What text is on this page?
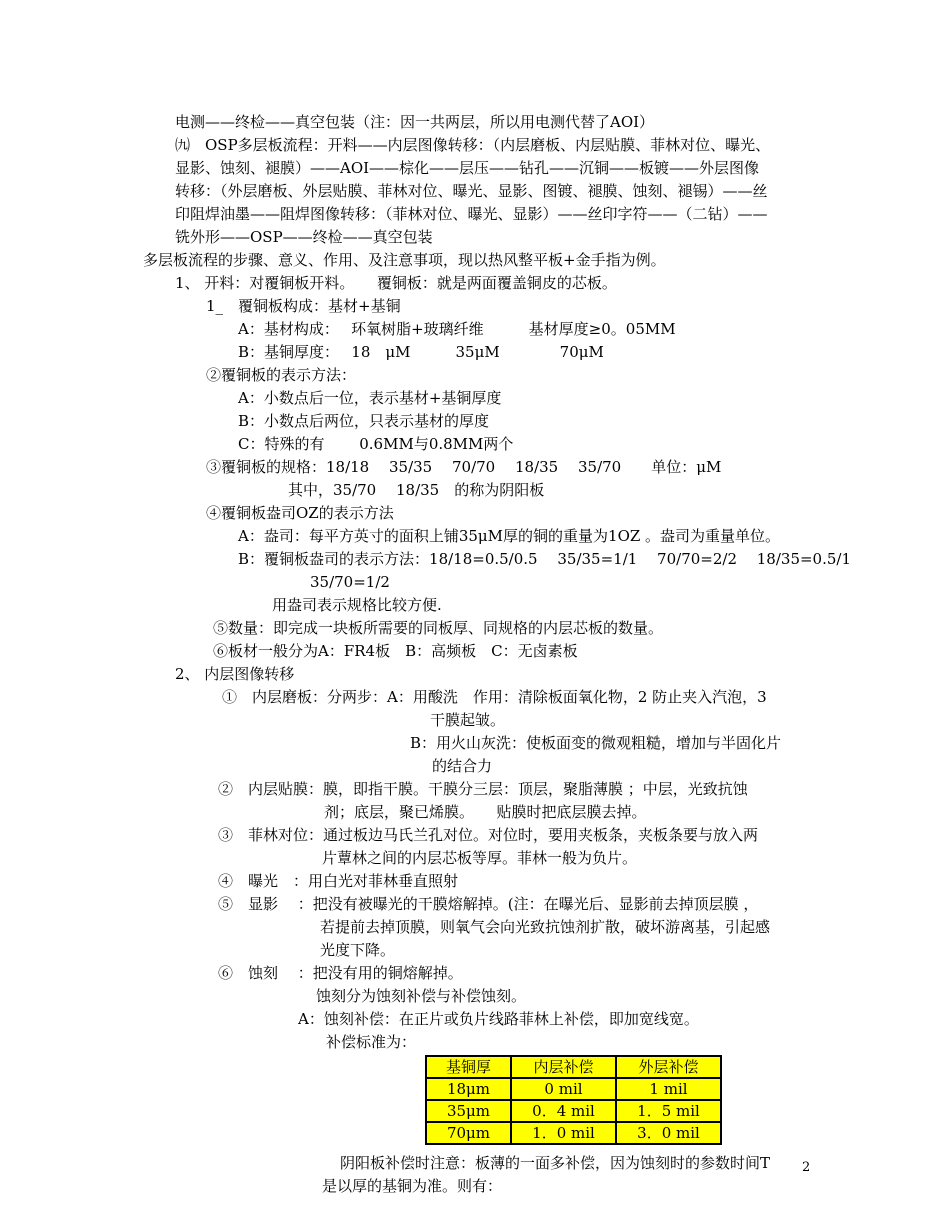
电测——终检——真空包装（注：因一共两层，所以用电测代替了AOI）
㈨　OSP多层板流程：开料——内层图像转移：（内层磨板、内层贴膜、菲林对位、曝光、
显影、蚀刻、褪膜）——AOI——棕化——层压——钻孔——沉铜——板镀——外层图像
转移：（外层磨板、外层贴膜、菲林对位、曝光、显影、图镀、褪膜、蚀刻、褪锡）——丝
印阻焊油墨——阻焊图像转移：（菲林对位、曝光、显影）——丝印字符——（二钻）——
铣外形——OSP——终检——真空包装
多层板流程的步骤、意义、作用、及注意事项，现以热风整平板+金手指为例。
1、 开料：对覆铜板开料。　　覆铜板：就是两面覆盖铜皮的芯板。
1_　覆铜板构成：基材+基铜
A：基材构成：　 环氧树脂+玻璃纤维　　　基材厚度≥0。05MM
B：基铜厚度：　 18　μM　　　35μM　　　　70μM
②覆铜板的表示方法：
A：小数点后一位，表示基材+基铜厚度
B：小数点后两位，只表示基材的厚度
C：特殊的有　　 0.6MM与0.8MM两个
③覆铜板的规格：18/18　 35/35　 70/70　 18/35　 35/70　　单位：μM
其中，35/70　 18/35　的称为阴阳板
④覆铜板盎司OZ的表示方法
A：盎司：每平方英寸的面积上铺35μM厚的铜的重量为1OZ 。盎司为重量单位。
B：覆铜板盎司的表示方法：18/18=0.5/0.5　 35/35=1/1　 70/70=2/2　 18/35=0.5/1
35/70=1/2
用盎司表示规格比较方便.
⑤数量：即完成一块板所需要的同板厚、同规格的内层芯板的数量。
⑥板材一般分为A：FR4板　B：高频板　C：无卤素板
2、 内层图像转移
①　内层磨板：分两步：A：用酸洗　作用：清除板面氧化物，2 防止夹入汽泡，3
干膜起皱。
B：用火山灰洗：使板面变的微观粗糙，增加与半固化片
的结合力
②　内层贴膜：膜，即指干膜。干膜分三层：顶层，聚脂薄膜 ；中层，光致抗蚀
剂；底层，聚已烯膜。　　贴膜时把底层膜去掉。
③　菲林对位：通过板边马氏兰孔对位。对位时，要用夹板条，夹板条要与放入两
片蕈林之间的内层芯板等厚。菲林一般为负片。
④　曝光　：用白光对菲林垂直照射
⑤　显影　 ：把没有被曝光的干膜熔解掉。(注：在曝光后、显影前去掉顶层膜 ，
若提前去掉顶膜，则氧气会向光致抗蚀剂扩散，破坏游离基，引起感
光度下降。
⑥　蚀刻　 ：把没有用的铜熔解掉。
蚀刻分为蚀刻补偿与补偿蚀刻。
A：蚀刻补偿：在正片或负片线路菲林上补偿，即加宽线宽。
补偿标准为：
基铜厚	内层补偿	外层补偿
18μm	0 mil	1 mil
35μm	0．4 mil	1．5 mil
70μm	1．0 mil	3．0 mil
阴阳板补偿时注意：板薄的一面多补偿，因为蚀刻时的参数时间T
是以厚的基铜为准。则有：
2
